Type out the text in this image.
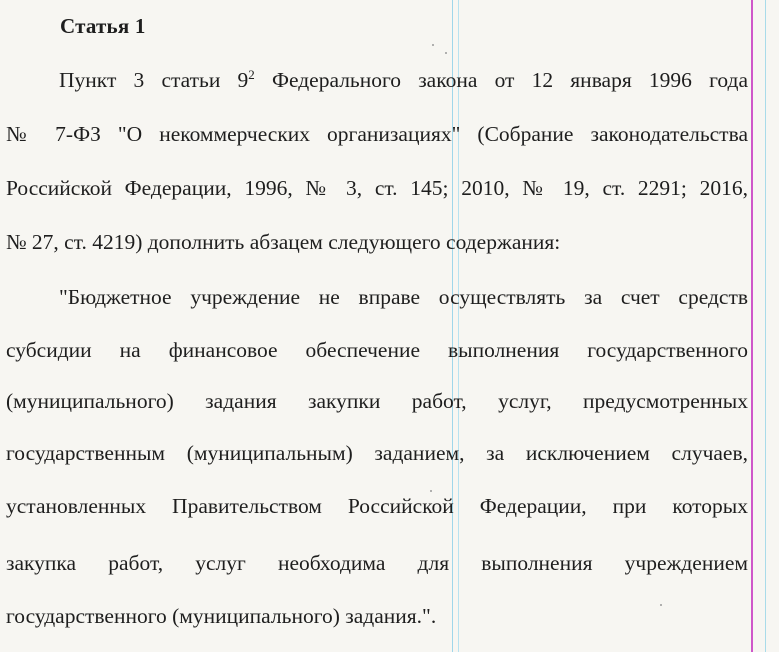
Статья 1
Пункт 3 статьи $9^2$ Федерального закона от 12 января 1996 года
№ 7-ФЗ "О некоммерческих организациях" (Собрание законодательства
Российской Федерации, 1996, № 3, ст. 145; 2010, № 19, ст. 2291; 2016,
№ 27, ст. 4219) дополнить абзацем следующего содержания:
"Бюджетное учреждение не вправе осуществлять за счет средств
субсидии на финансовое обеспечение выполнения государственного
(муниципального) задания закупки работ, услуг, предусмотренных
государственным (муниципальным) заданием, за исключением случаев,
установленных Правительством Российской Федерации, при которых
закупка работ, услуг необходима для выполнения учреждением
государственного (муниципального) задания.".
